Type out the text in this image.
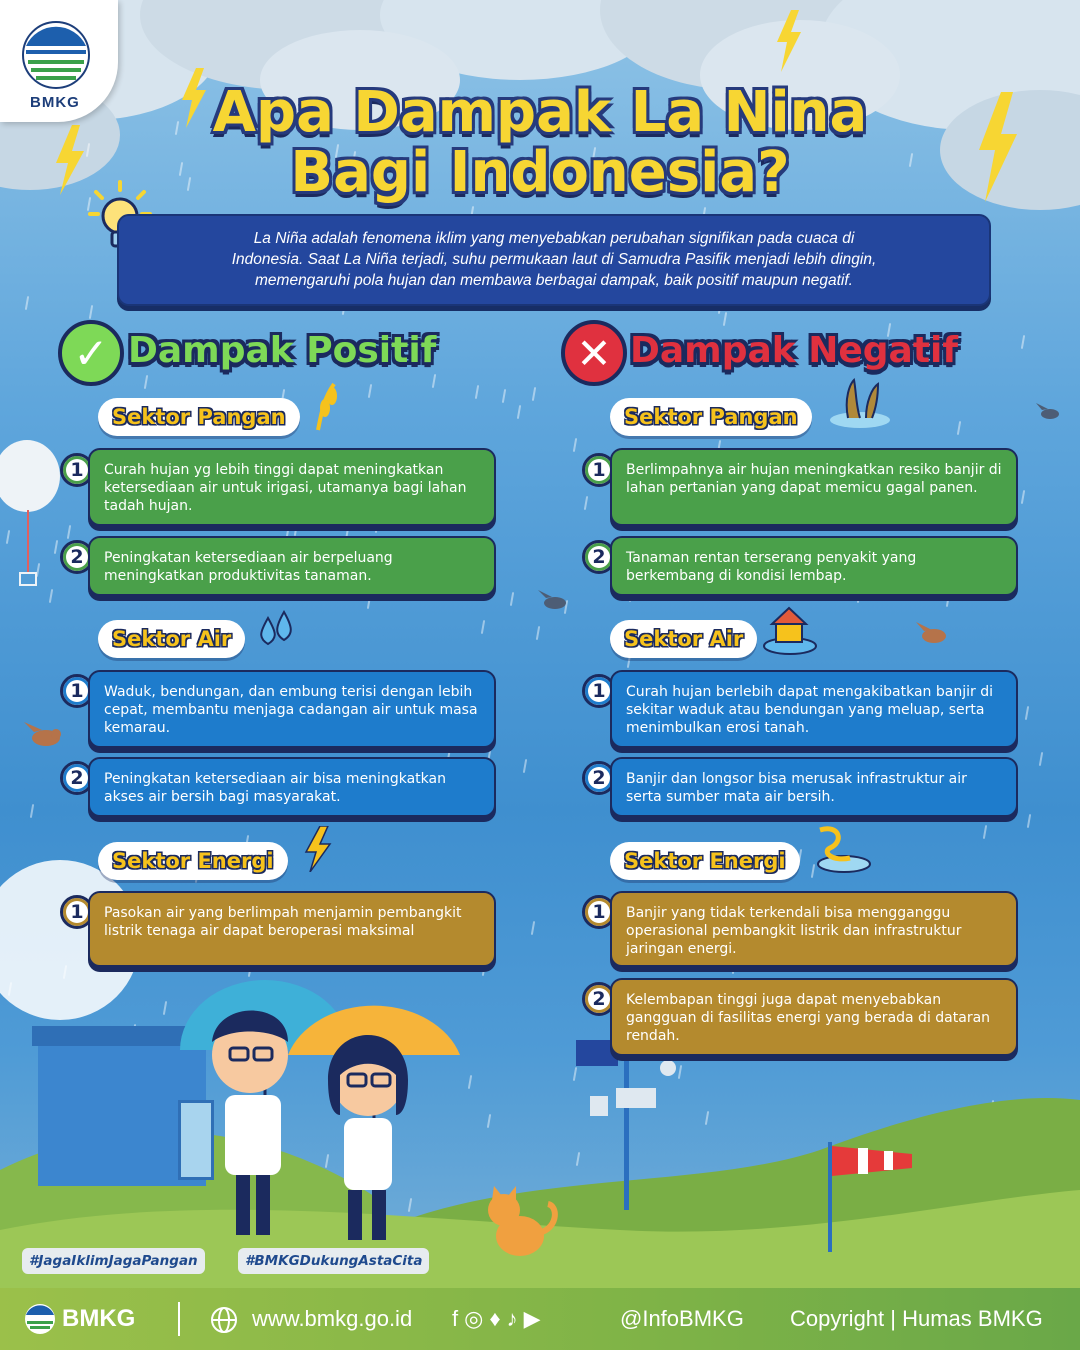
BMKG	Apa Dampak La Nina
Bagi Indonesia?
La Niña adalah fenomena iklim yang menyebabkan perubahan signifikan pada cuaca di
Indonesia. Saat La Niña terjadi, suhu permukaan laut di Samudra Pasifik menjadi lebih dingin,
memengaruhi pola hujan dan membawa berbagai dampak, baik positif maupun negatif.
✓ Dampak Positif	✕ Dampak Negatif
Sektor Pangan
1	Curah hujan yg lebih tinggi dapat meningkatkan ketersediaan air untuk irigasi, utamanya bagi lahan tadah hujan.
2	Peningkatan ketersediaan air berpeluang meningkatkan produktivitas tanaman.
Sektor Air
1	Waduk, bendungan, dan embung terisi dengan lebih cepat, membantu menjaga cadangan air untuk masa kemarau.
2	Peningkatan ketersediaan air bisa meningkatkan akses air bersih bagi masyarakat.
Sektor Energi
1	Pasokan air yang berlimpah menjamin pembangkit listrik tenaga air dapat beroperasi maksimal
Sektor Pangan
1	Berlimpahnya air hujan meningkatkan resiko banjir di lahan pertanian yang dapat memicu gagal panen.
2	Tanaman rentan terserang penyakit yang berkembang di kondisi lembap.
Sektor Air
1	Curah hujan berlebih dapat mengakibatkan banjir di sekitar waduk atau bendungan yang meluap, serta menimbulkan erosi tanah.
2	Banjir dan longsor bisa merusak infrastruktur air serta sumber mata air bersih.
Sektor Energi
1	Banjir yang tidak terkendali bisa mengganggu operasional pembangkit listrik dan infrastruktur jaringan energi.
2	Kelembapan tinggi juga dapat menyebabkan gangguan di fasilitas energi yang berada di dataran rendah.
#JagaIklimJagaPangan	#BMKGDukungAstaCita
BMKG	www.bmkg.go.id f◎♦♪▶	@InfoBMKG Copyright | Humas BMKG
